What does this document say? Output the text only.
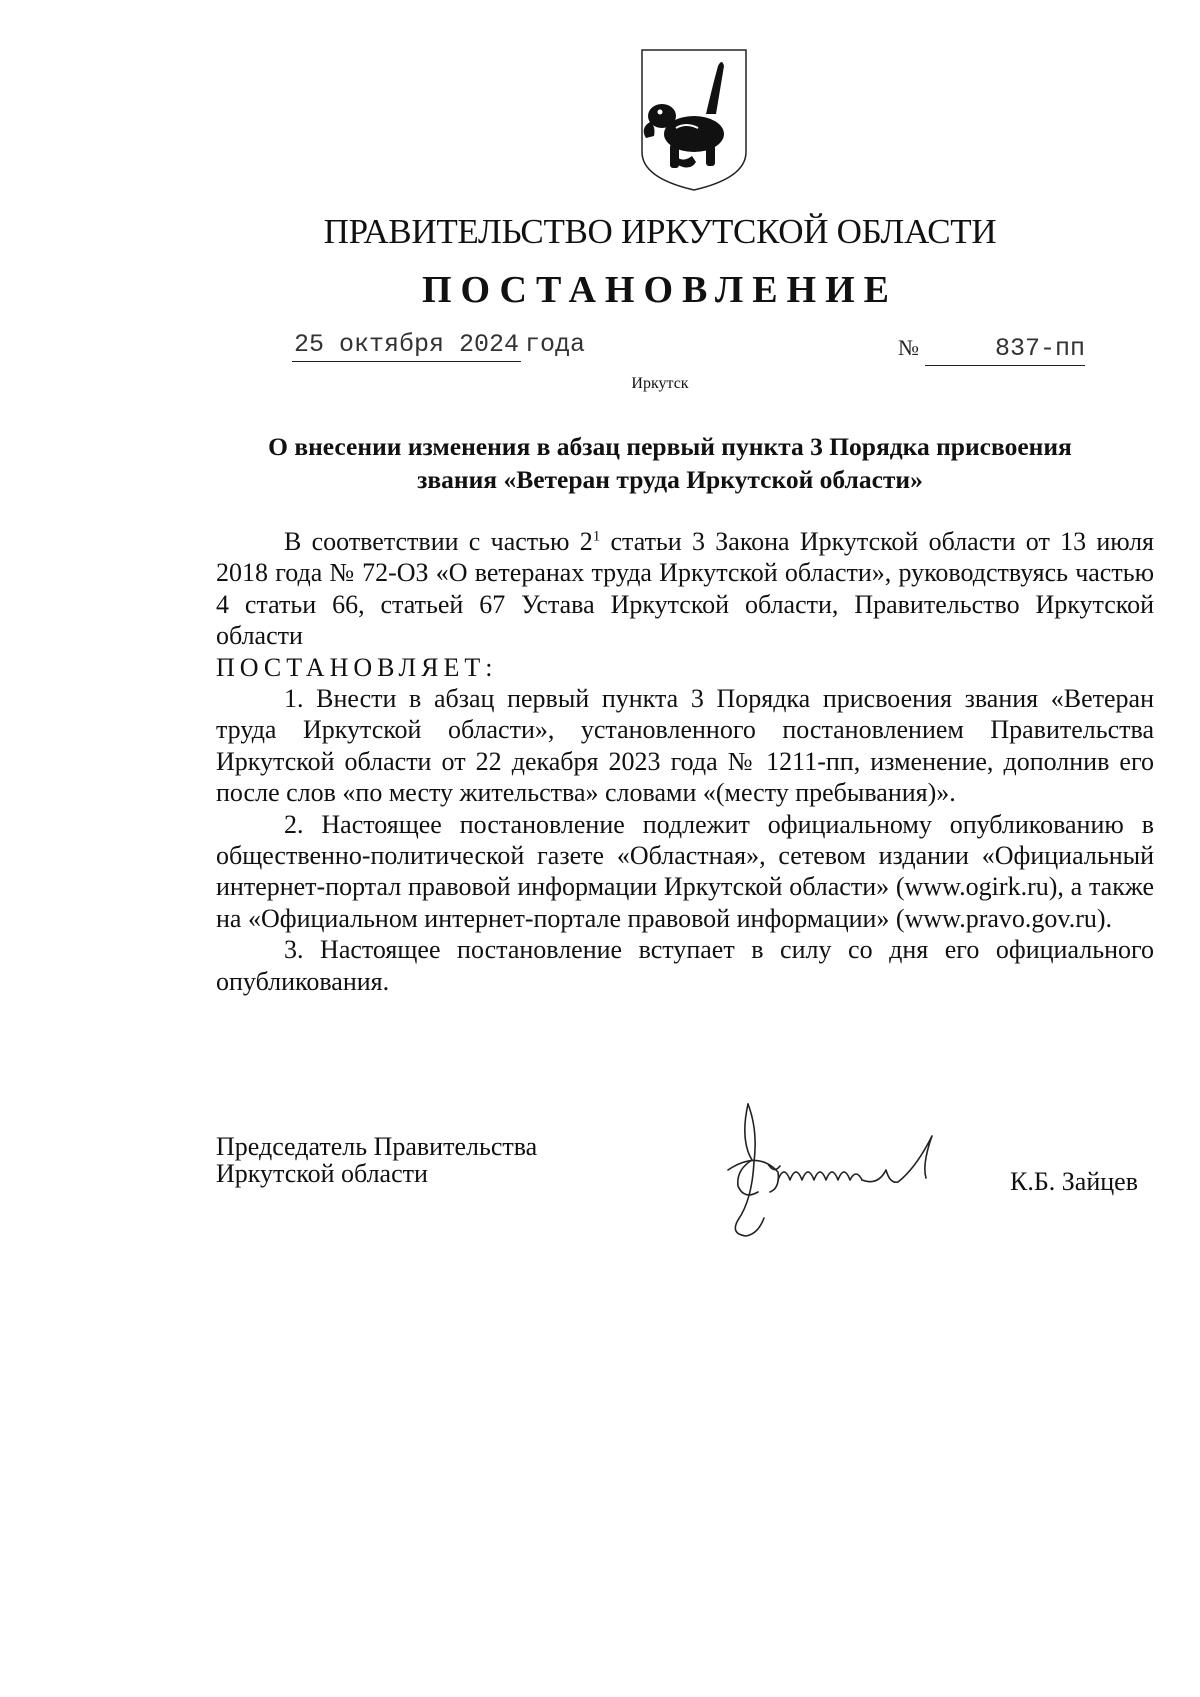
ПРАВИТЕЛЬСТВО ИРКУТСКОЙ ОБЛАСТИ
ПОСТАНОВЛЕНИЕ
25 октября 2024 года	№	837-пп
Иркутск
О внесении изменения в абзац первый пункта 3 Порядка присвоения
звания «Ветеран труда Иркутской области»

В соответствии с частью $2^1$ статьи 3 Закона Иркутской области от 13 июля 2018 года № 72-ОЗ «О ветеранах труда Иркутской области», руководствуясь частью 4 статьи 66, статьей 67 Устава Иркутской области, Правительство Иркутской области

ПОСТАНОВЛЯЕТ:

1. Внести в абзац первый пункта 3 Порядка присвоения звания «Ветеран труда Иркутской области», установленного постановлением Правительства Иркутской области от 22 декабря 2023 года № 1211-пп, изменение, дополнив его после слов «по месту жительства» словами «(месту пребывания)».

2. Настоящее постановление подлежит официальному опубликованию в общественно-политической газете «Областная», сетевом издании «Официальный интернет-портал правовой информации Иркутской области» (www.ogirk.ru), а также на «Официальном интернет-портале правовой информации» (www.pravo.gov.ru).

3. Настоящее постановление вступает в силу со дня его официального опубликования.

Председатель Правительства
Иркутской области	К.Б. Зайцев
